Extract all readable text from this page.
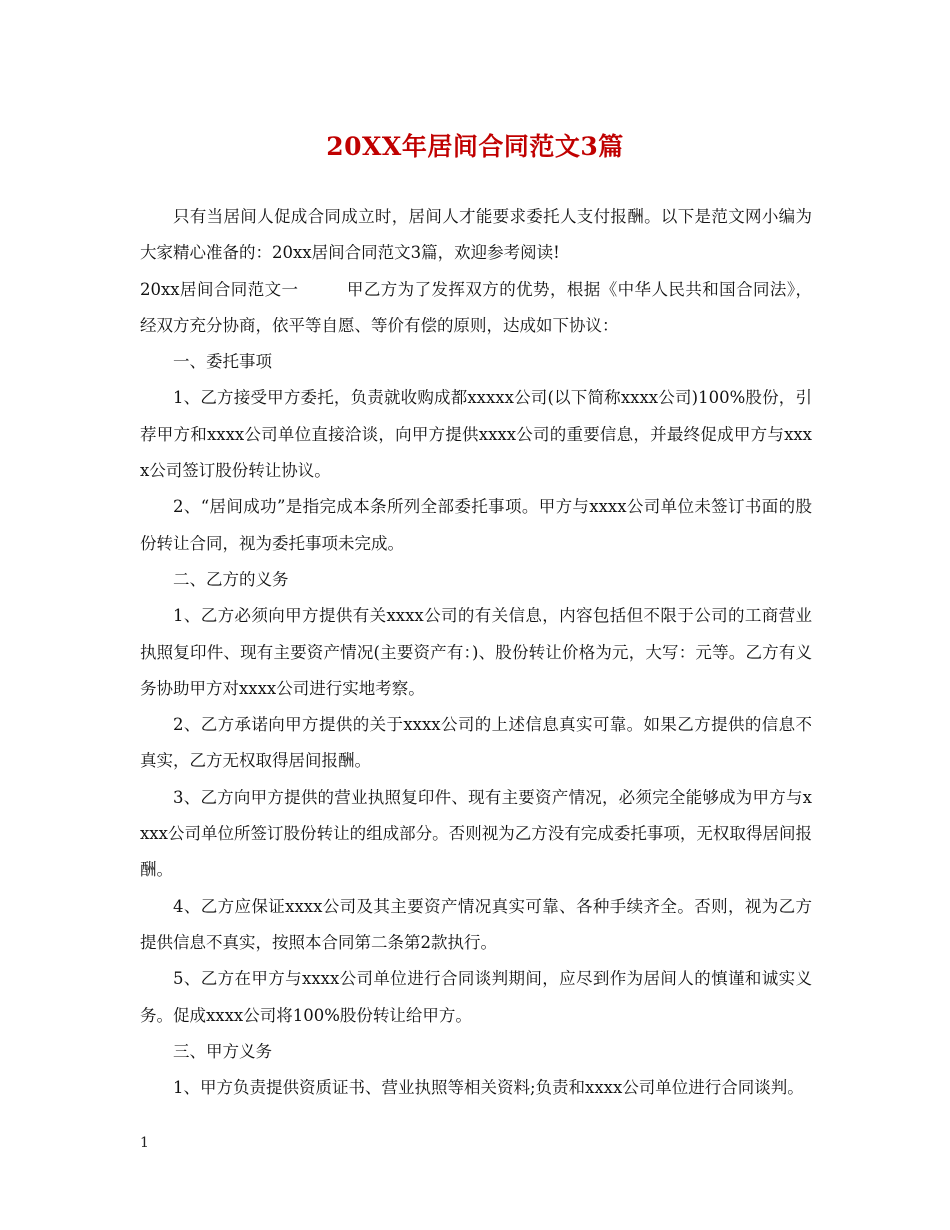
20XX年居间合同范文3篇

只有当居间人促成合同成立时，居间人才能要求委托人支付报酬。以下是范文网小编为大家精心准备的：20xx居间合同范文3篇，欢迎参考阅读!

20xx居间合同范文一	甲乙方为了发挥双方的优势，根据《中华人民共和国合同法》，经双方充分协商，依平等自愿、等价有偿的原则，达成如下协议：

一、委托事项

1、乙方接受甲方委托，负责就收购成都xxxxx公司(以下简称xxxx公司)100%股份，引荐甲方和xxxx公司单位直接洽谈，向甲方提供xxxx公司的重要信息，并最终促成甲方与xxxx公司签订股份转让协议。

2、“居间成功”是指完成本条所列全部委托事项。甲方与xxxx公司单位未签订书面的股份转让合同，视为委托事项未完成。

二、乙方的义务

1、乙方必须向甲方提供有关xxxx公司的有关信息，内容包括但不限于公司的工商营业执照复印件、现有主要资产情况(主要资产有：)、股份转让价格为元，大写：元等。乙方有义务协助甲方对xxxx公司进行实地考察。

2、乙方承诺向甲方提供的关于xxxx公司的上述信息真实可靠。如果乙方提供的信息不真实，乙方无权取得居间报酬。

3、乙方向甲方提供的营业执照复印件、现有主要资产情况，必须完全能够成为甲方与xxxx公司单位所签订股份转让的组成部分。否则视为乙方没有完成委托事项，无权取得居间报酬。

4、乙方应保证xxxx公司及其主要资产情况真实可靠、各种手续齐全。否则，视为乙方提供信息不真实，按照本合同第二条第2款执行。

5、乙方在甲方与xxxx公司单位进行合同谈判期间，应尽到作为居间人的慎谨和诚实义务。促成xxxx公司将100%股份转让给甲方。

三、甲方义务

1、甲方负责提供资质证书、营业执照等相关资料;负责和xxxx公司单位进行合同谈判。

1
